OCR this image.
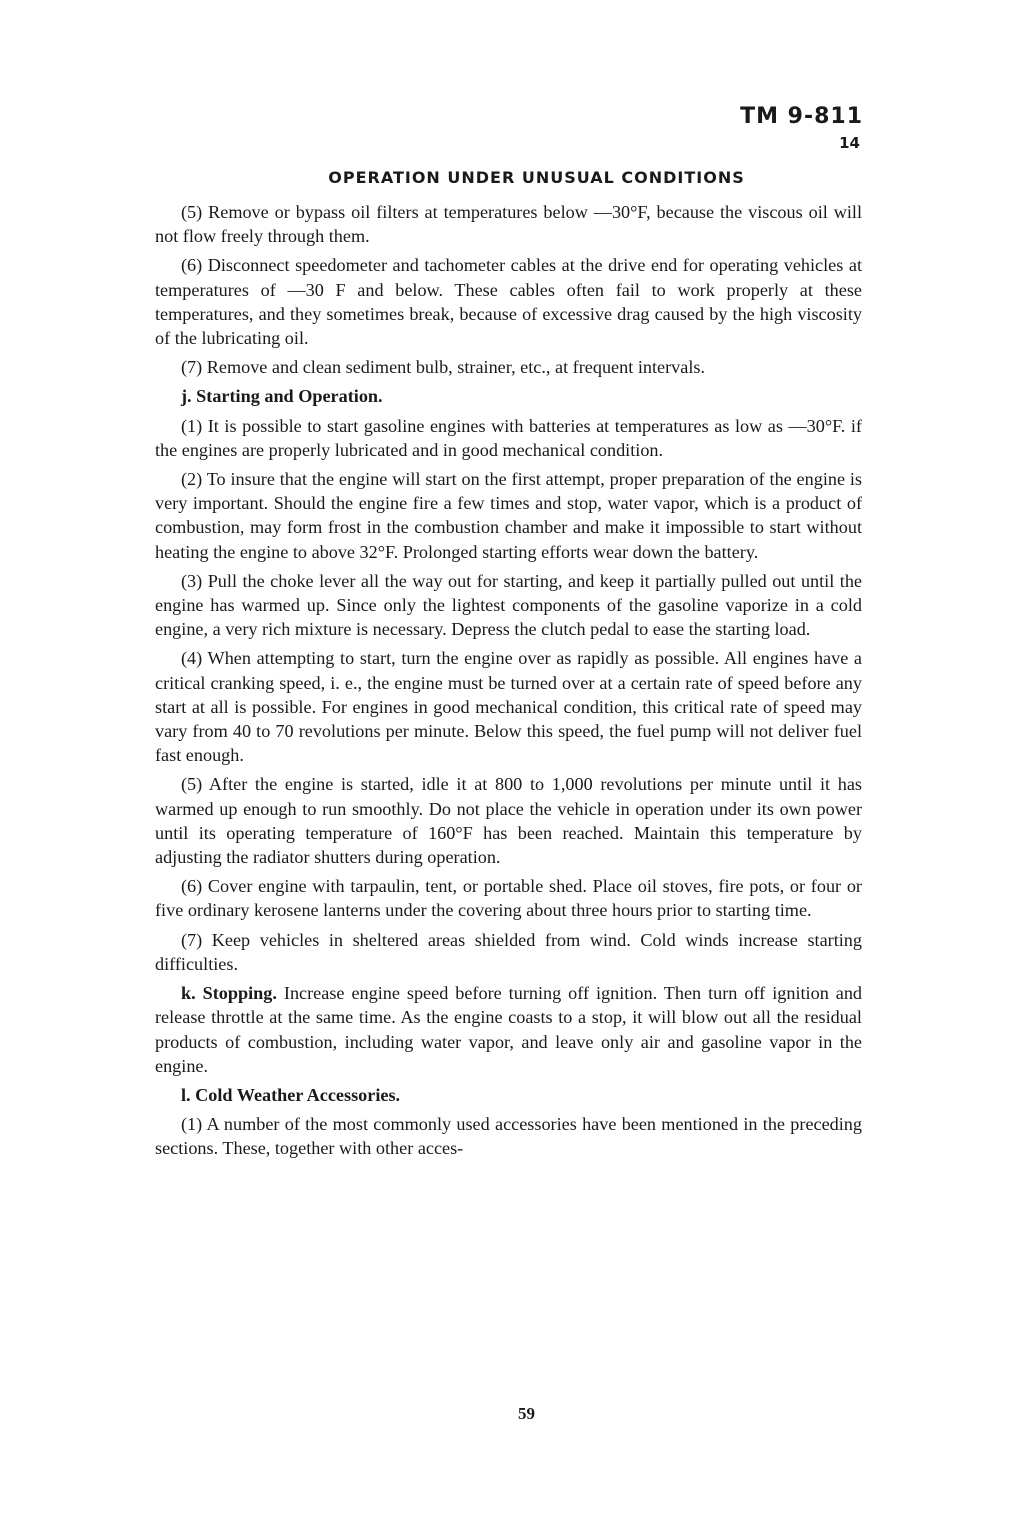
TM 9-811
14
OPERATION UNDER UNUSUAL CONDITIONS

(5) Remove or bypass oil filters at temperatures below —30°F, because the viscous oil will not flow freely through them.

(6) Disconnect speedometer and tachometer cables at the drive end for operating vehicles at temperatures of —30 F and below. These cables often fail to work properly at these temperatures, and they sometimes break, because of excessive drag caused by the high viscosity of the lubricating oil.

(7) Remove and clean sediment bulb, strainer, etc., at frequent intervals.

j. Starting and Operation.

(1) It is possible to start gasoline engines with batteries at temperatures as low as —30°F. if the engines are properly lubricated and in good mechanical condition.

(2) To insure that the engine will start on the first attempt, proper preparation of the engine is very important. Should the engine fire a few times and stop, water vapor, which is a product of combustion, may form frost in the combustion chamber and make it impossible to start without heating the engine to above 32°F. Prolonged starting efforts wear down the battery.

(3) Pull the choke lever all the way out for starting, and keep it partially pulled out until the engine has warmed up. Since only the lightest components of the gasoline vaporize in a cold engine, a very rich mixture is necessary. Depress the clutch pedal to ease the starting load.

(4) When attempting to start, turn the engine over as rapidly as possible. All engines have a critical cranking speed, i. e., the engine must be turned over at a certain rate of speed before any start at all is possible. For engines in good mechanical condition, this critical rate of speed may vary from 40 to 70 revolutions per minute. Below this speed, the fuel pump will not deliver fuel fast enough.

(5) After the engine is started, idle it at 800 to 1,000 revolutions per minute until it has warmed up enough to run smoothly. Do not place the vehicle in operation under its own power until its operating temperature of 160°F has been reached. Maintain this temperature by adjusting the radiator shutters during operation.

(6) Cover engine with tarpaulin, tent, or portable shed. Place oil stoves, fire pots, or four or five ordinary kerosene lanterns under the covering about three hours prior to starting time.

(7) Keep vehicles in sheltered areas shielded from wind. Cold winds increase starting difficulties.

k. Stopping. Increase engine speed before turning off ignition. Then turn off ignition and release throttle at the same time. As the engine coasts to a stop, it will blow out all the residual products of combustion, including water vapor, and leave only air and gasoline vapor in the engine.

l. Cold Weather Accessories.

(1) A number of the most commonly used accessories have been mentioned in the preceding sections. These, together with other acces-

59
